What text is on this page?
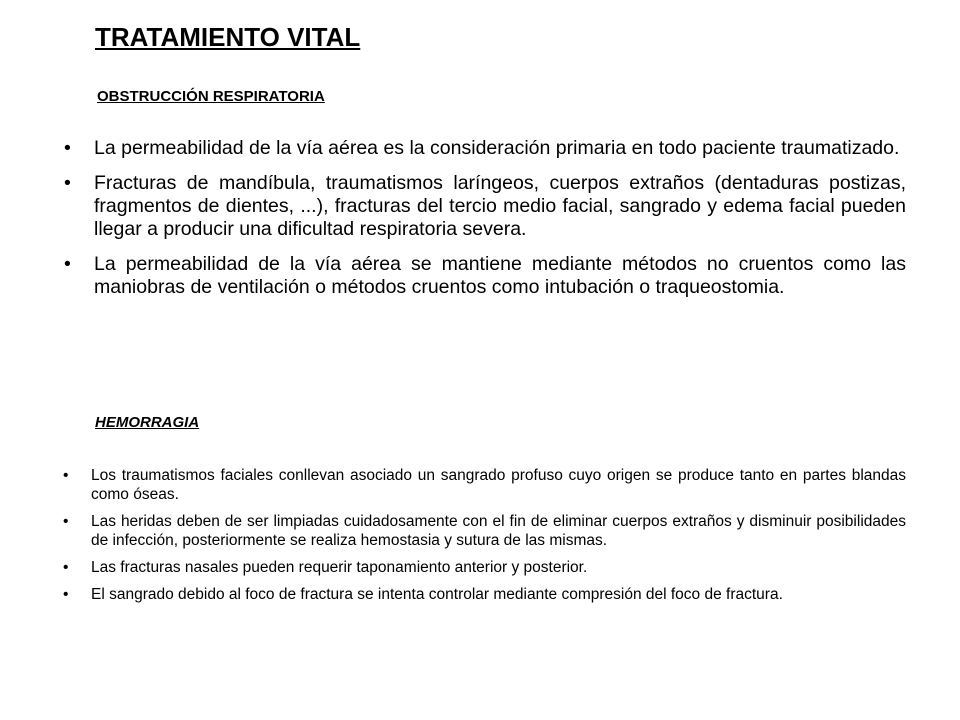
TRATAMIENTO VITAL
OBSTRUCCIÓN RESPIRATORIA
• La permeabilidad de la vía aérea es la consideración primaria en todo paciente traumatizado.
• Fracturas de mandíbula, traumatismos laríngeos, cuerpos extraños (dentaduras postizas, fragmentos de dientes, ...), fracturas del tercio medio facial, sangrado y edema facial pueden llegar a producir una dificultad respiratoria severa.
• La permeabilidad de la vía aérea se mantiene mediante métodos no cruentos como las maniobras de ventilación o métodos cruentos como intubación o traqueostomia.
HEMORRAGIA
• Los traumatismos faciales conllevan asociado un sangrado profuso cuyo origen se produce tanto en partes blandas como óseas.
• Las heridas deben de ser limpiadas cuidadosamente con el fin de eliminar cuerpos extraños y disminuir posibilidades de infección, posteriormente se realiza hemostasia y sutura de las mismas.
• Las fracturas nasales pueden requerir taponamiento anterior y posterior.
• El sangrado debido al foco de fractura se intenta controlar mediante compresión del foco de fractura.
